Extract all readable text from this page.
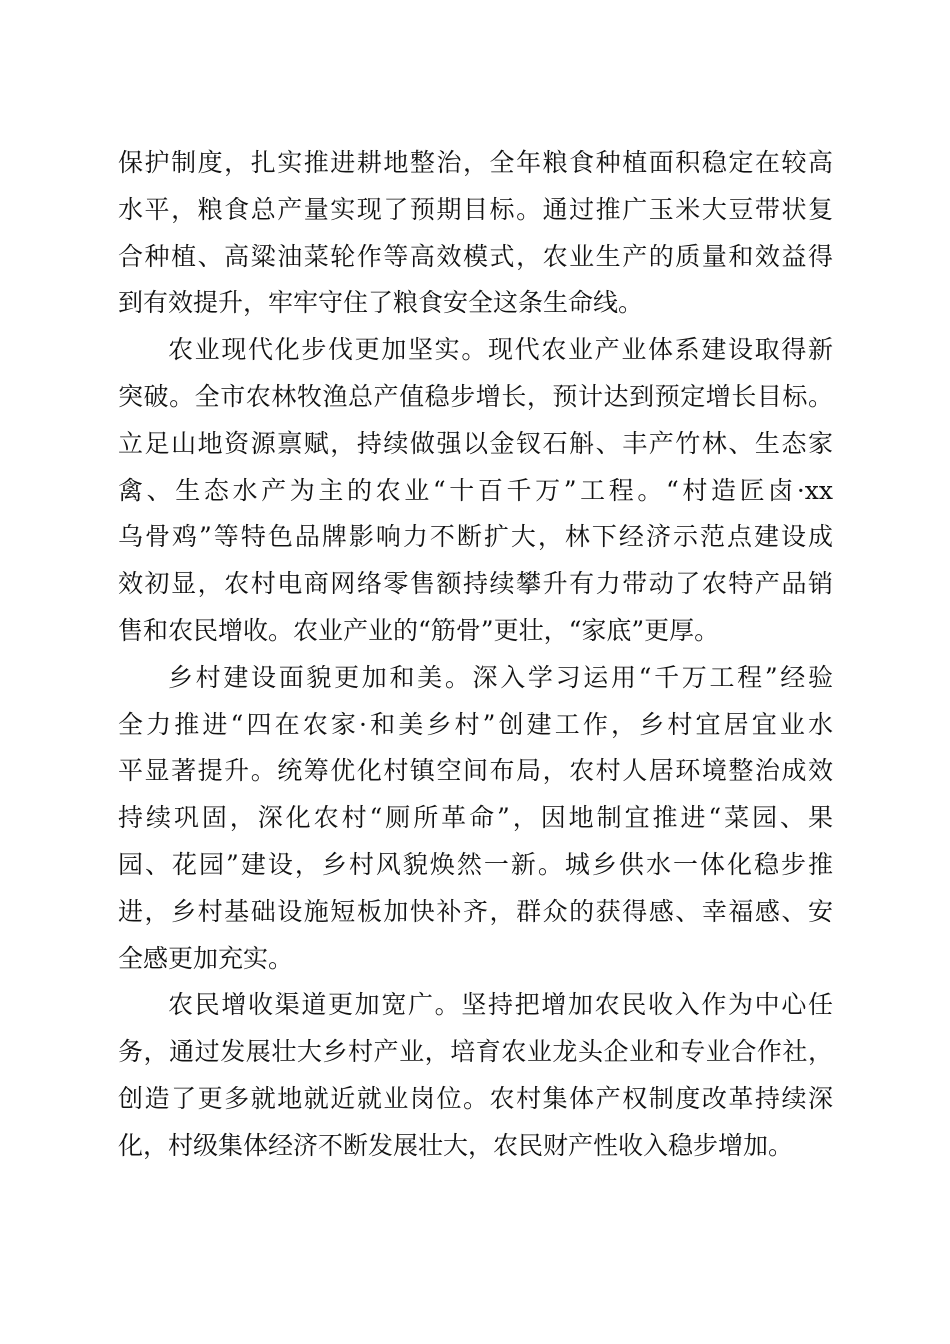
保护制度，扎实推进耕地整治，全年粮食种植面积稳定在较高
水平，粮食总产量实现了预期目标。通过推广玉米大豆带状复
合种植、高粱油菜轮作等高效模式，农业生产的质量和效益得
到有效提升，牢牢守住了粮食安全这条生命线。
农业现代化步伐更加坚实。现代农业产业体系建设取得新
突破。全市农林牧渔总产值稳步增长，预计达到预定增长目标。
立足山地资源禀赋，持续做强以金钗石斛、丰产竹林、生态家
禽、生态水产为主的农业“十百千万”工程。“村造匠卤·xx
乌骨鸡”等特色品牌影响力不断扩大，林下经济示范点建设成
效初显，农村电商网络零售额持续攀升有力带动了农特产品销
售和农民增收。农业产业的“筋骨”更壮，“家底”更厚。
乡村建设面貌更加和美。深入学习运用“千万工程”经验
全力推进“四在农家·和美乡村”创建工作，乡村宜居宜业水
平显著提升。统筹优化村镇空间布局，农村人居环境整治成效
持续巩固，深化农村“厕所革命”，因地制宜推进“菜园、果
园、花园”建设，乡村风貌焕然一新。城乡供水一体化稳步推
进，乡村基础设施短板加快补齐，群众的获得感、幸福感、安
全感更加充实。
农民增收渠道更加宽广。坚持把增加农民收入作为中心任
务，通过发展壮大乡村产业，培育农业龙头企业和专业合作社，
创造了更多就地就近就业岗位。农村集体产权制度改革持续深
化，村级集体经济不断发展壮大，农民财产性收入稳步增加。
